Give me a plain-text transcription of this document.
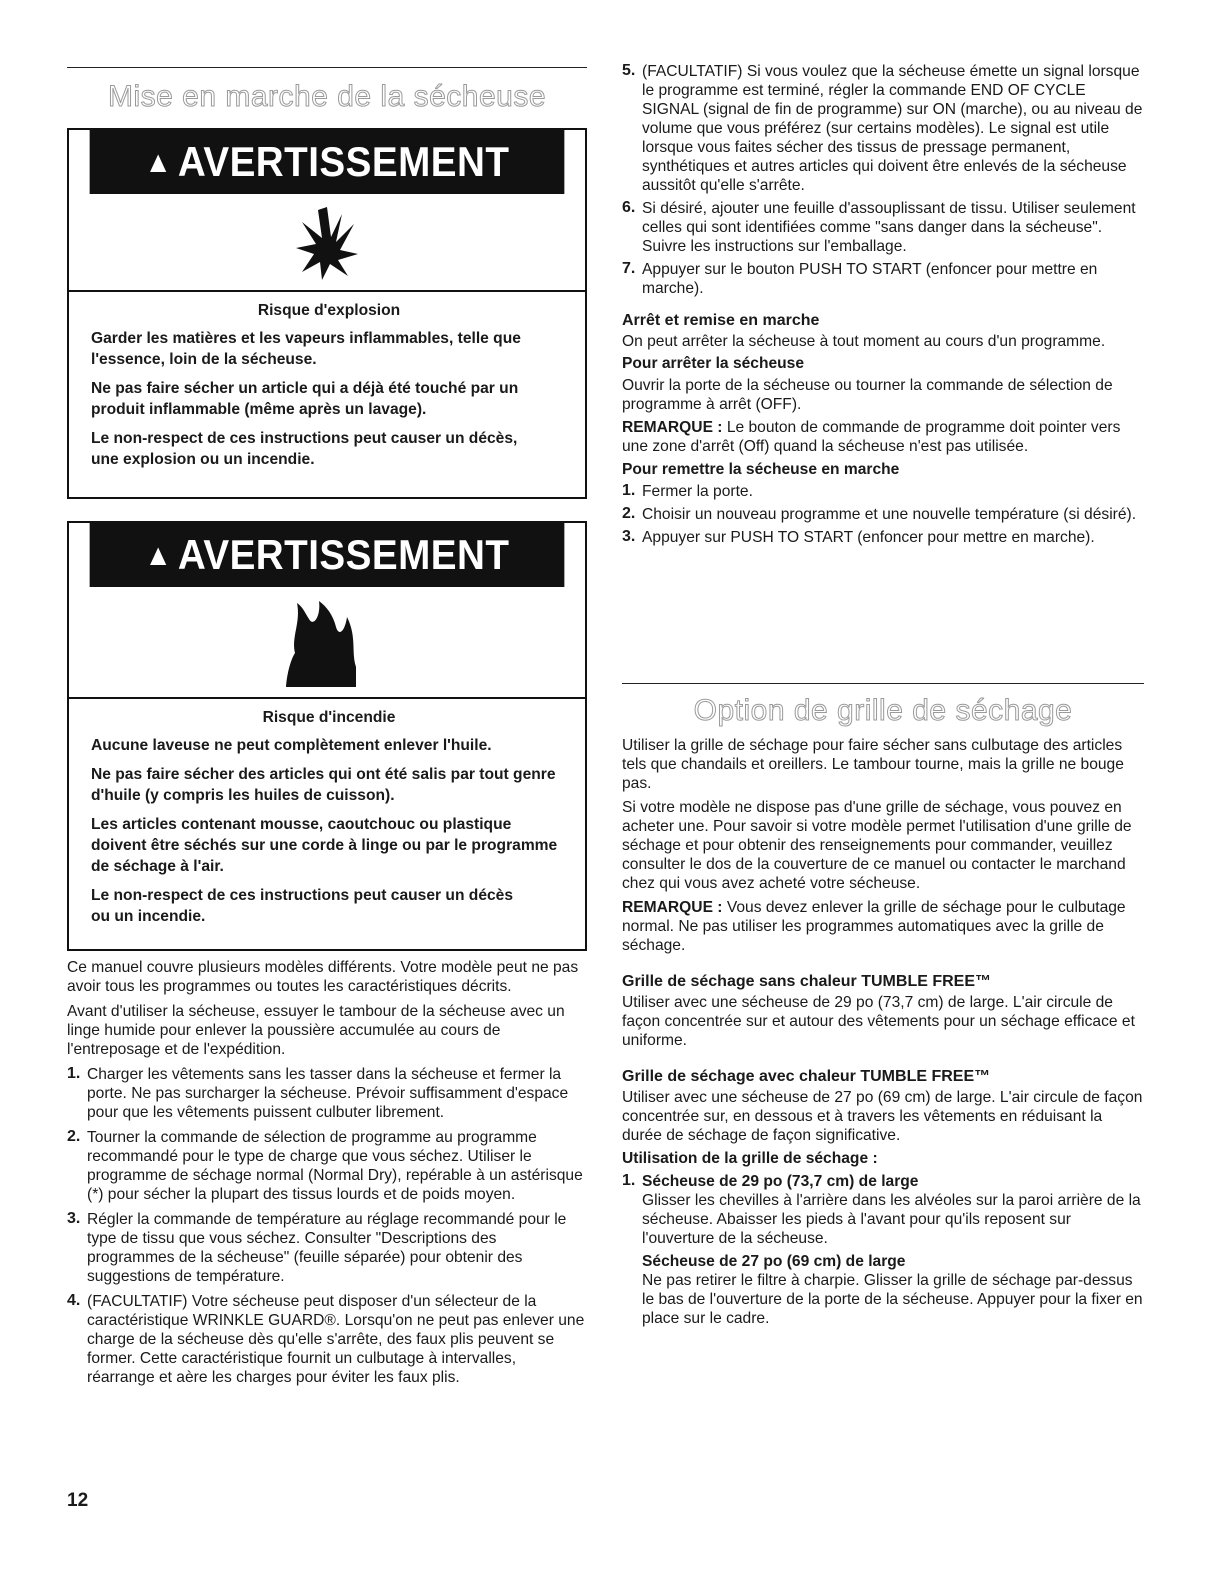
Mise en marche de la sécheuse
▲ AVERTISSEMENT
Risque d'explosion

Garder les matières et les vapeurs inflammables, telle que l'essence, loin de la sécheuse.

Ne pas faire sécher un article qui a déjà été touché par un produit inflammable (même après un lavage).

Le non-respect de ces instructions peut causer un décès, une explosion ou un incendie.

▲ AVERTISSEMENT
Risque d'incendie

Aucune laveuse ne peut complètement enlever l'huile.

Ne pas faire sécher des articles qui ont été salis par tout genre d'huile (y compris les huiles de cuisson).

Les articles contenant mousse, caoutchouc ou plastique doivent être séchés sur une corde à linge ou par le programme de séchage à l'air.

Le non-respect de ces instructions peut causer un décès ou un incendie.

Ce manuel couvre plusieurs modèles différents. Votre modèle peut ne pas avoir tous les programmes ou toutes les caractéristiques décrits.

Avant d'utiliser la sécheuse, essuyer le tambour de la sécheuse avec un linge humide pour enlever la poussière accumulée au cours de l'entreposage et de l'expédition.

1. Charger les vêtements sans les tasser dans la sécheuse et fermer la porte. Ne pas surcharger la sécheuse. Prévoir suffisamment d'espace pour que les vêtements puissent culbuter librement.

2. Tourner la commande de sélection de programme au programme recommandé pour le type de charge que vous séchez. Utiliser le programme de séchage normal (Normal Dry), repérable à un astérisque (*) pour sécher la plupart des tissus lourds et de poids moyen.

3. Régler la commande de température au réglage recommandé pour le type de tissu que vous séchez. Consulter "Descriptions des programmes de la sécheuse" (feuille séparée) pour obtenir des suggestions de température.

4. (FACULTATIF) Votre sécheuse peut disposer d'un sélecteur de la caractéristique WRINKLE GUARD®. Lorsqu'on ne peut pas enlever une charge de la sécheuse dès qu'elle s'arrête, des faux plis peuvent se former. Cette caractéristique fournit un culbutage à intervalles, réarrange et aère les charges pour éviter les faux plis.

12
5. (FACULTATIF) Si vous voulez que la sécheuse émette un signal lorsque le programme est terminé, régler la commande END OF CYCLE SIGNAL (signal de fin de programme) sur ON (marche), ou au niveau de volume que vous préférez (sur certains modèles). Le signal est utile lorsque vous faites sécher des tissus de pressage permanent, synthétiques et autres articles qui doivent être enlevés de la sécheuse aussitôt qu'elle s'arrête.

6. Si désiré, ajouter une feuille d'assouplissant de tissu. Utiliser seulement celles qui sont identifiées comme "sans danger dans la sécheuse". Suivre les instructions sur l'emballage.

7. Appuyer sur le bouton PUSH TO START (enfoncer pour mettre en marche).

Arrêt et remise en marche

On peut arrêter la sécheuse à tout moment au cours d'un programme.

Pour arrêter la sécheuse

Ouvrir la porte de la sécheuse ou tourner la commande de sélection de programme à arrêt (OFF).

REMARQUE : Le bouton de commande de programme doit pointer vers une zone d'arrêt (Off) quand la sécheuse n'est pas utilisée.

Pour remettre la sécheuse en marche

1. Fermer la porte.

2. Choisir un nouveau programme et une nouvelle température (si désiré).

3. Appuyer sur PUSH TO START (enfoncer pour mettre en marche).

Option de grille de séchage

Utiliser la grille de séchage pour faire sécher sans culbutage des articles tels que chandails et oreillers. Le tambour tourne, mais la grille ne bouge pas.

Si votre modèle ne dispose pas d'une grille de séchage, vous pouvez en acheter une. Pour savoir si votre modèle permet l'utilisation d'une grille de séchage et pour obtenir des renseignements pour commander, veuillez consulter le dos de la couverture de ce manuel ou contacter le marchand chez qui vous avez acheté votre sécheuse.

REMARQUE : Vous devez enlever la grille de séchage pour le culbutage normal. Ne pas utiliser les programmes automatiques avec la grille de séchage.

Grille de séchage sans chaleur TUMBLE FREE™

Utiliser avec une sécheuse de 29 po (73,7 cm) de large. L'air circule de façon concentrée sur et autour des vêtements pour un séchage efficace et uniforme.

Grille de séchage avec chaleur TUMBLE FREE™

Utiliser avec une sécheuse de 27 po (69 cm) de large. L'air circule de façon concentrée sur, en dessous et à travers les vêtements en réduisant la durée de séchage de façon significative.

Utilisation de la grille de séchage :

1. Sécheuse de 29 po (73,7 cm) de large

Glisser les chevilles à l'arrière dans les alvéoles sur la paroi arrière de la sécheuse. Abaisser les pieds à l'avant pour qu'ils reposent sur l'ouverture de la sécheuse.

Sécheuse de 27 po (69 cm) de large

Ne pas retirer le filtre à charpie. Glisser la grille de séchage par-dessus le bas de l'ouverture de la porte de la sécheuse. Appuyer pour la fixer en place sur le cadre.
